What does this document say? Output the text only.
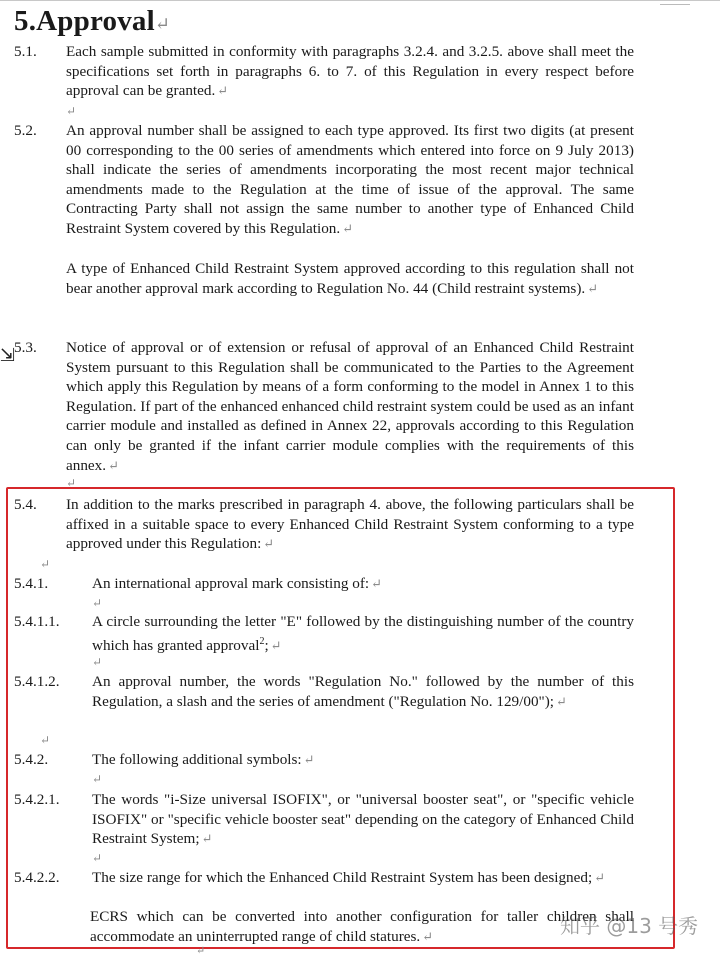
5.Approval↵
5.1. Each sample submitted in conformity with paragraphs 3.2.4. and 3.2.5. above shall meet the specifications set forth in paragraphs 6. to 7. of this Regulation in every respect before approval can be granted. ↵
↵
5.2. An approval number shall be assigned to each type approved. Its first two digits (at present 00 corresponding to the 00 series of amendments which entered into force on 9 July 2013) shall indicate the series of amendments incorporating the most recent major technical amendments made to the Regulation at the time of issue of the approval. The same Contracting Party shall not assign the same number to another type of Enhanced Child Restraint System covered by this Regulation. ↵
A type of Enhanced Child Restraint System approved according to this regulation shall not bear another approval mark according to Regulation No. 44 (Child restraint systems). ↵
⇲
5.3. Notice of approval or of extension or refusal of approval of an Enhanced Child Restraint System pursuant to this Regulation shall be communicated to the Parties to the Agreement which apply this Regulation by means of a form conforming to the model in Annex 1 to this Regulation. If part of the enhanced enhanced child restraint system could be used as an infant carrier module and installed as defined in Annex 22, approvals according to this Regulation can only be granted if the infant carrier module complies with the requirements of this annex. ↵
↵
5.4. In addition to the marks prescribed in paragraph 4. above, the following particulars shall be affixed in a suitable space to every Enhanced Child Restraint System conforming to a type approved under this Regulation: ↵
↵
5.4.1.	An international approval mark consisting of: ↵
↵
5.4.1.1. A circle surrounding the letter "E" followed by the distinguishing number of the country which has granted approval$^2$; ↵
↵
5.4.1.2. An approval number, the words "Regulation No." followed by the number of this Regulation, a slash and the series of amendment ("Regulation No. 129/00"); ↵
↵
5.4.2.	The following additional symbols: ↵
↵
5.4.2.1. The words "i-Size universal ISOFIX", or "universal booster seat", or "specific vehicle ISOFIX" or "specific vehicle booster seat" depending on the category of Enhanced Child Restraint System; ↵
↵
5.4.2.2. The size range for which the Enhanced Child Restraint System has been designed; ↵
ECRS which can be converted into another configuration for taller children shall accommodate an uninterrupted range of child statures. ↵
↵
知乎 @13 号秀
